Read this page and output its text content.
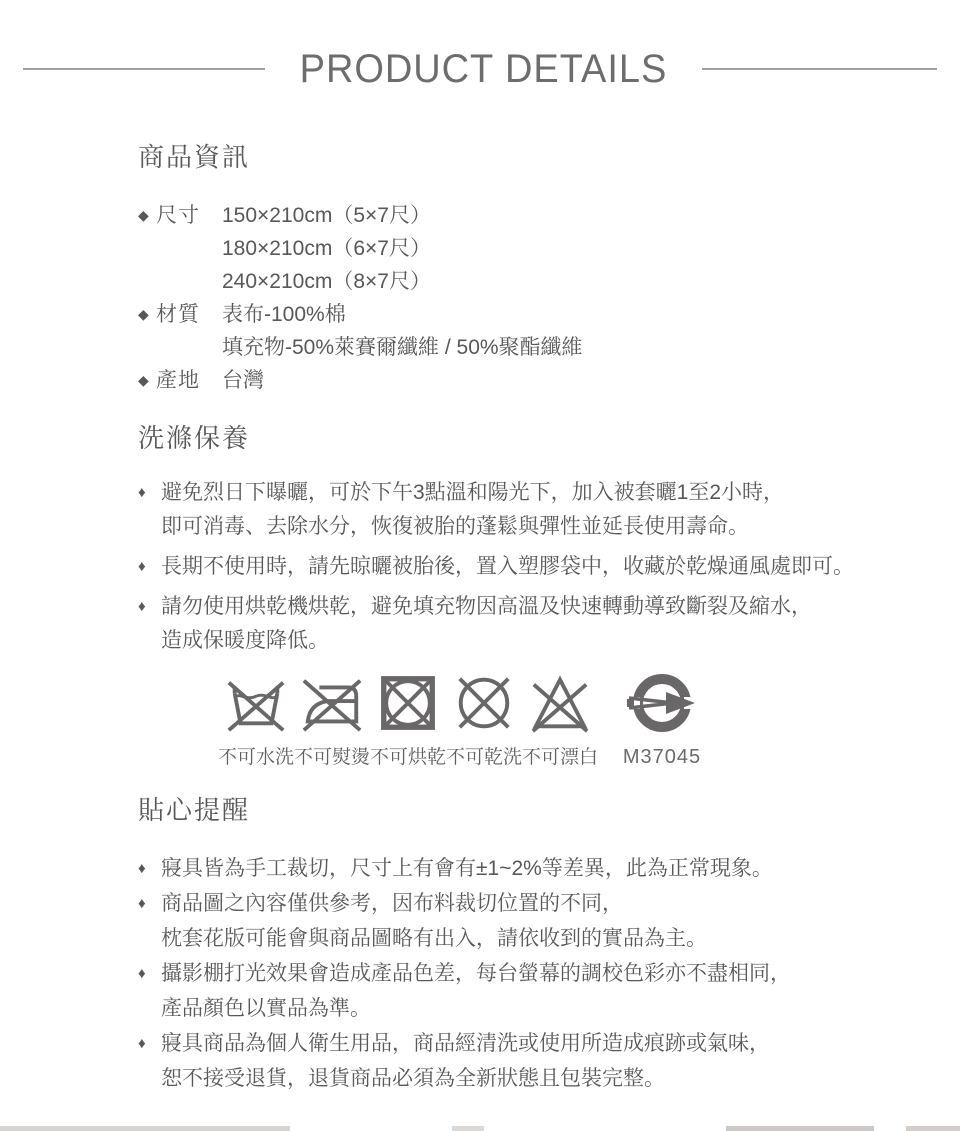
PRODUCT DETAILS
商品資訊
◆ 尺寸	150×210cm（5×7尺）
180×210cm（6×7尺）
240×210cm（8×7尺）
◆ 材質	表布-100%棉
填充物-50%萊賽爾纖維 / 50%聚酯纖維
◆ 產地	台灣
洗滌保養
♦ 避免烈日下曝曬，可於下午3點溫和陽光下，加入被套曬1至2小時，
即可消毒、去除水分，恢復被胎的蓬鬆與彈性並延長使用壽命。
♦ 長期不使用時，請先晾曬被胎後，置入塑膠袋中，收藏於乾燥通風處即可。
♦ 請勿使用烘乾機烘乾，避免填充物因高溫及快速轉動導致斷裂及縮水，
造成保暖度降低。
不可水洗 不可熨燙 不可烘乾 不可乾洗 不可漂白	M37045
貼心提醒
♦ 寢具皆為手工裁切，尺寸上有會有±1~2%等差異，此為正常現象。
♦ 商品圖之內容僅供參考，因布料裁切位置的不同，
枕套花版可能會與商品圖略有出入，請依收到的實品為主。
♦ 攝影棚打光效果會造成產品色差，每台螢幕的調校色彩亦不盡相同，
產品顏色以實品為準。
♦ 寢具商品為個人衛生用品，商品經清洗或使用所造成痕跡或氣味，
恕不接受退貨，退貨商品必須為全新狀態且包裝完整。
